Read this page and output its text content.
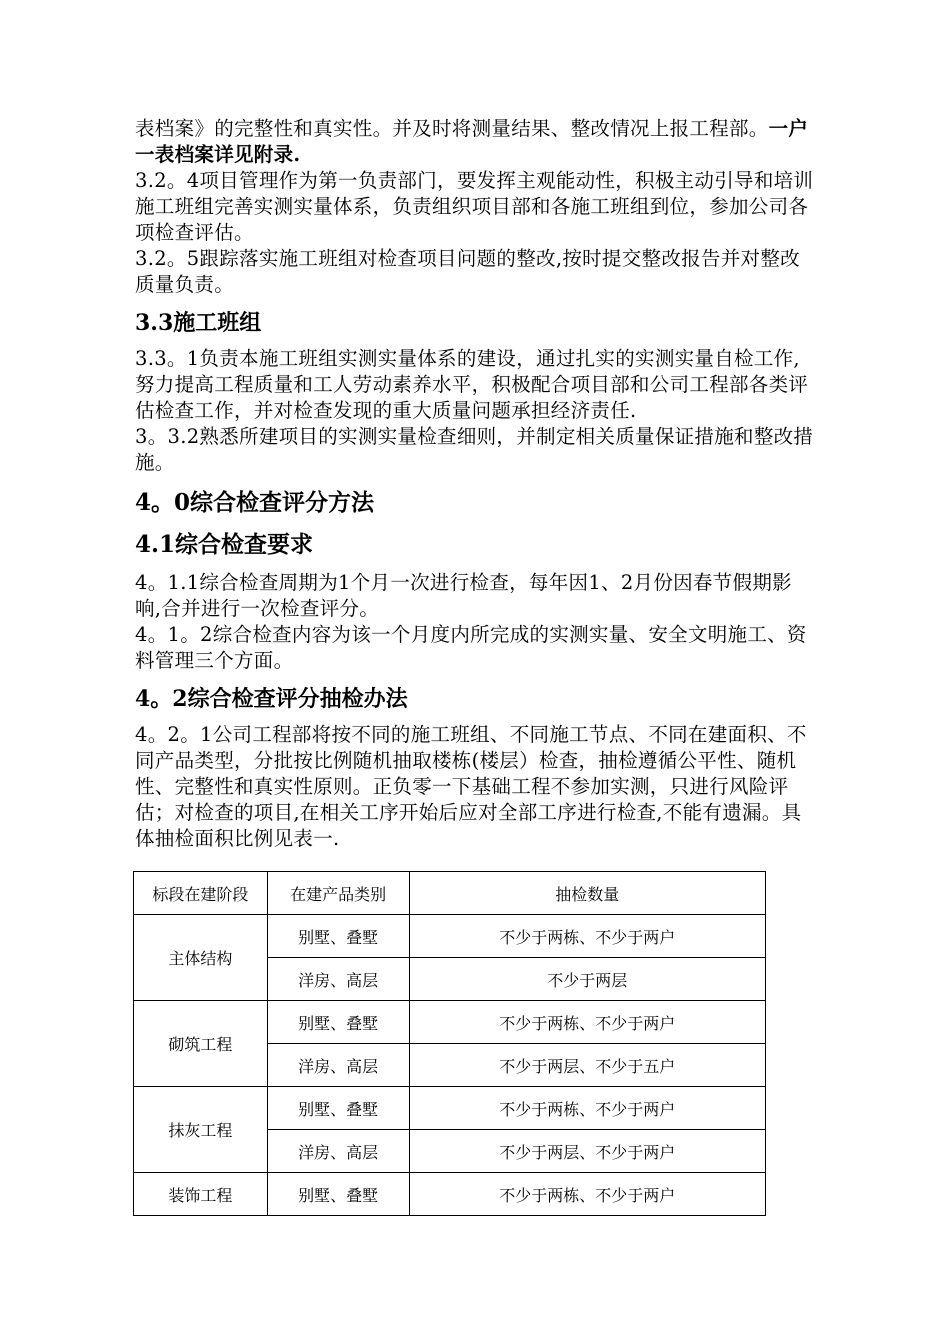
表档案》的完整性和真实性。并及时将测量结果、整改情况上报工程部。一户一表档案详见附录.

3.2。4项目管理作为第一负责部门，要发挥主观能动性，积极主动引导和培训施工班组完善实测实量体系，负责组织项目部和各施工班组到位，参加公司各项检查评估。

3.2。5跟踪落实施工班组对检查项目问题的整改,按时提交整改报告并对整改质量负责。

3.3施工班组

3.3。1负责本施工班组实测实量体系的建设，通过扎实的实测实量自检工作,努力提高工程质量和工人劳动素养水平，积极配合项目部和公司工程部各类评估检查工作，并对检查发现的重大质量问题承担经济责任.

3。3.2熟悉所建项目的实测实量检查细则，并制定相关质量保证措施和整改措施。

4。0综合检查评分方法
4.1综合检查要求

4。1.1综合检查周期为1个月一次进行检查，每年因1、2月份因春节假期影响,合并进行一次检查评分。

4。1。2综合检查内容为该一个月度内所完成的实测实量、安全文明施工、资料管理三个方面。

4。2综合检查评分抽检办法

4。2。1公司工程部将按不同的施工班组、不同施工节点、不同在建面积、不同产品类型，分批按比例随机抽取楼栋(楼层）检查，抽检遵循公平性、随机性、完整性和真实性原则。正负零一下基础工程不参加实测，只进行风险评估；对检查的项目,在相关工序开始后应对全部工序进行检查,不能有遗漏。具体抽检面积比例见表一.

标段在建阶段	在建产品类别	抽检数量
主体结构	别墅、叠墅	不少于两栋、不少于两户
	洋房、高层	不少于两层
砌筑工程	别墅、叠墅	不少于两栋、不少于两户
	洋房、高层	不少于两层、不少于五户
抹灰工程	别墅、叠墅	不少于两栋、不少于两户
	洋房、高层	不少于两层、不少于两户
装饰工程	别墅、叠墅	不少于两栋、不少于两户
